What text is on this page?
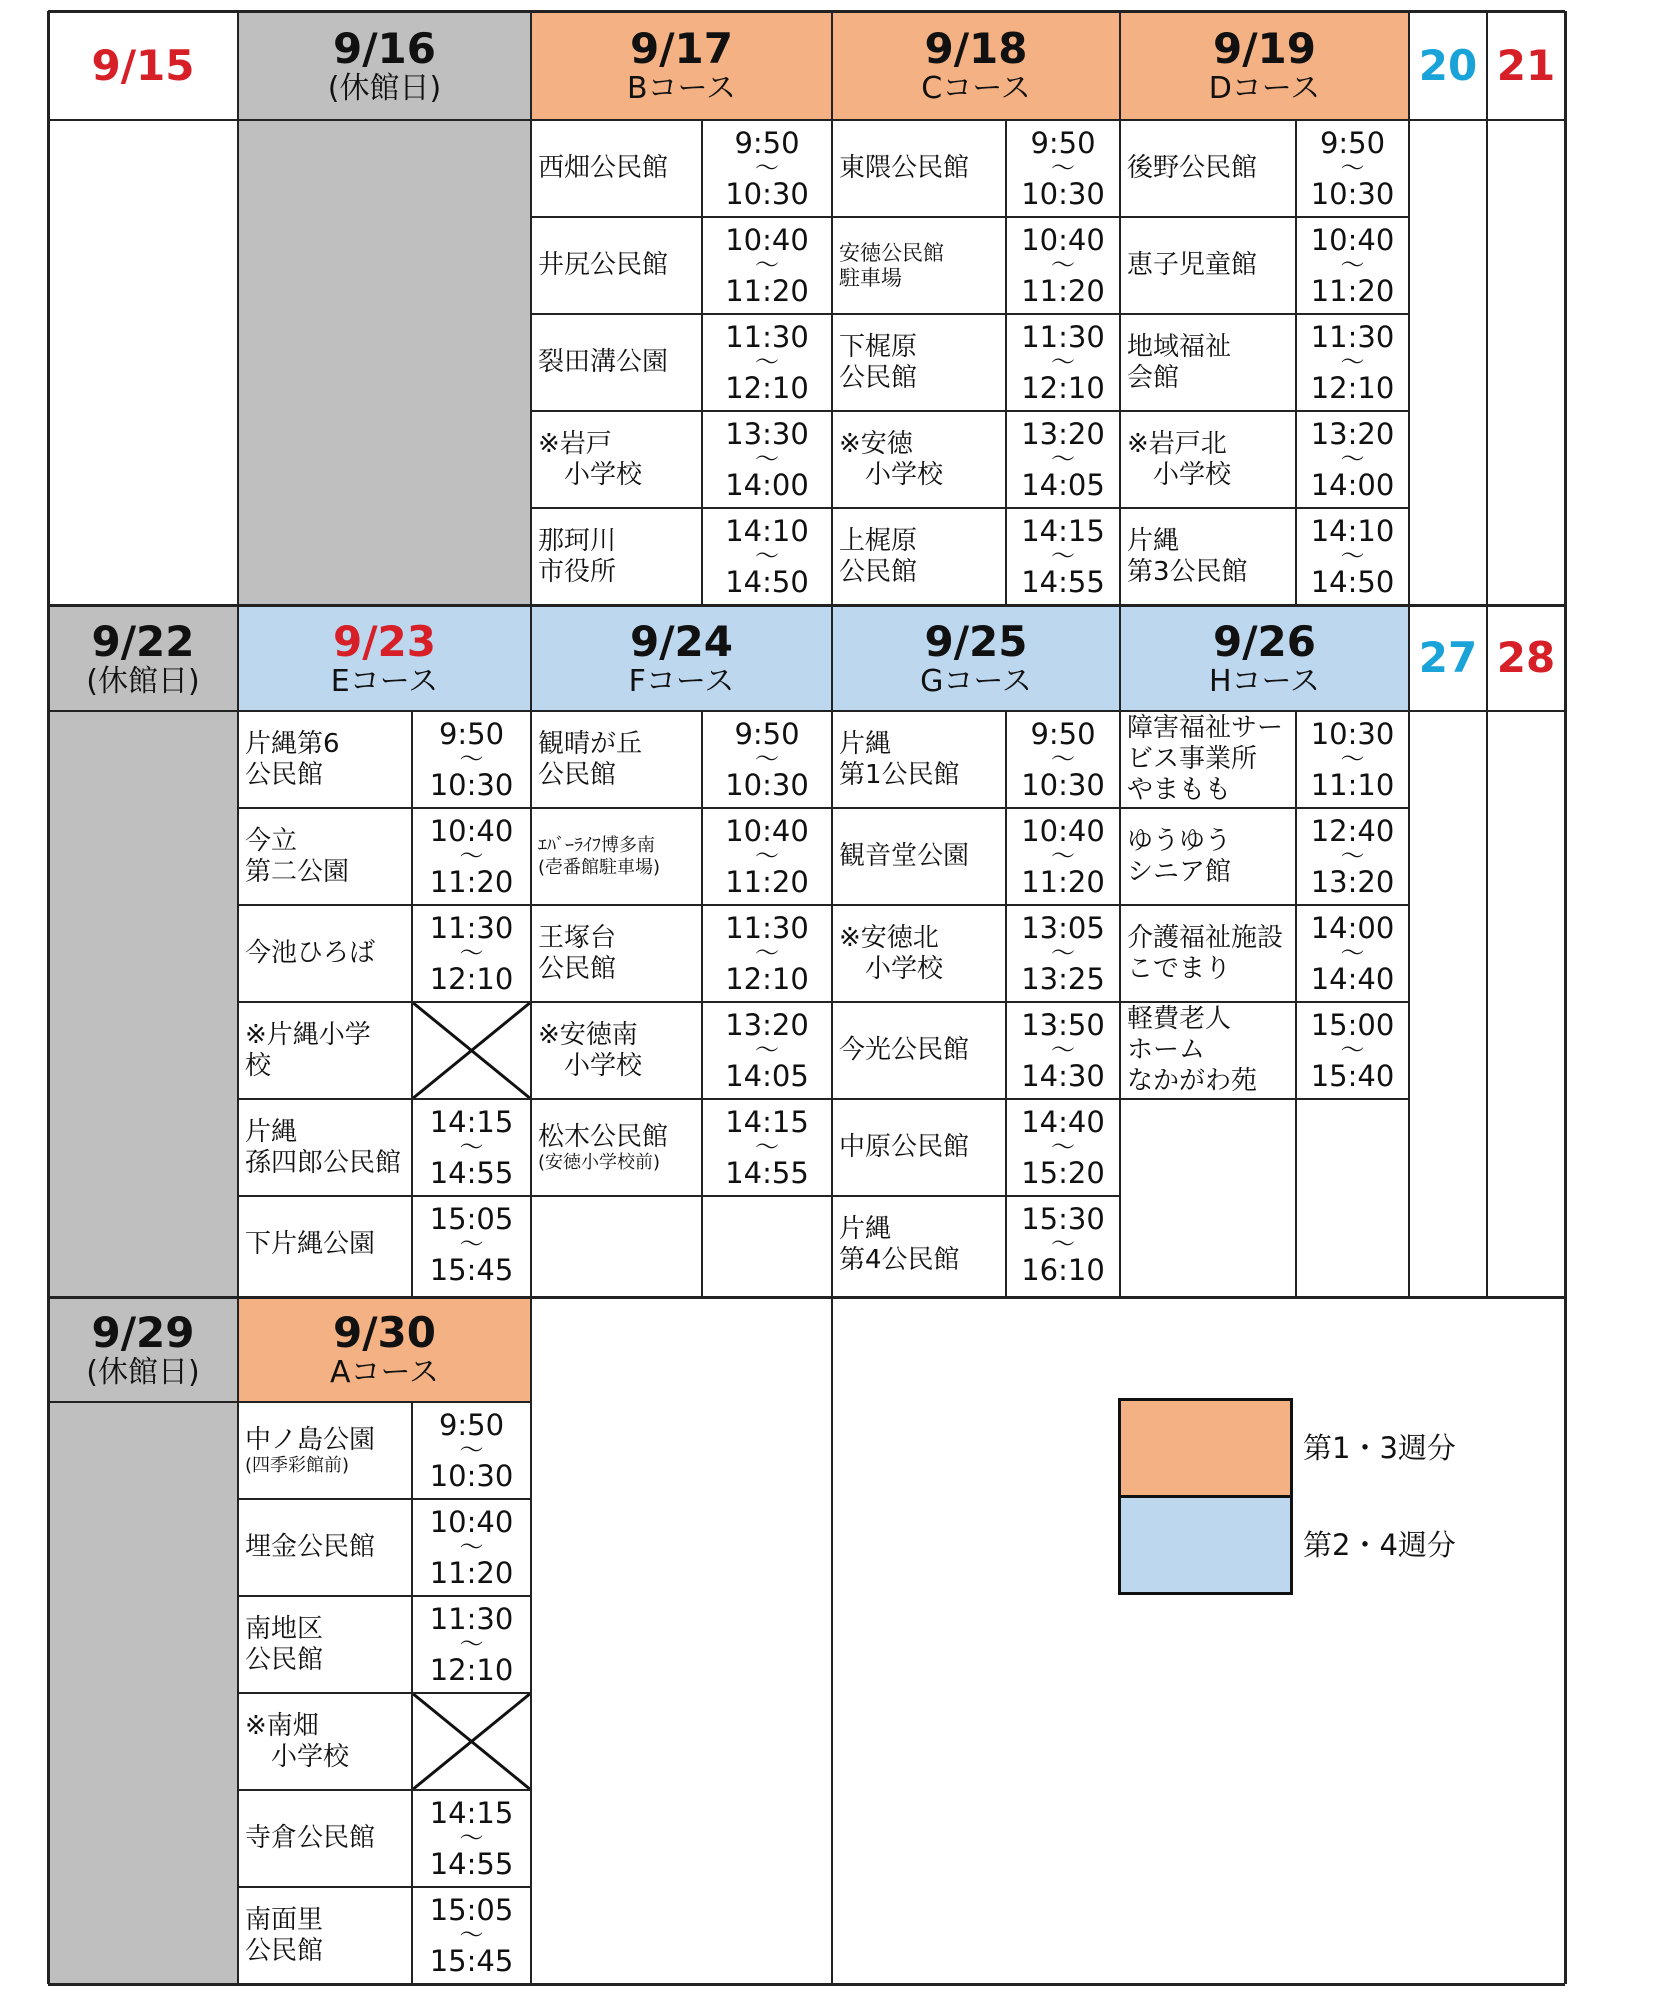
9/15	9/16
(休館日)
9/17
Bコース
9/18
Cコース
9/19
Dコース 20 21
西畑公民館
9:50
～
10:30
井尻公民館
10:40
～
11:20
裂田溝公園
11:30
～
12:10
※岩戸
　小学校
13:30
～
14:00
那珂川
市役所
14:10
～
14:50
東隈公民館
9:50
～
10:30
安徳公民館
駐車場
10:40
～
11:20
下梶原
公民館
11:30
～
12:10
※安徳
　小学校
13:20
～
14:05
上梶原
公民館
14:15
～
14:55
後野公民館
9:50
～
10:30
恵子児童館
10:40
～
11:20
地域福祉
会館
11:30
～
12:10
※岩戸北
　小学校
13:20
～
14:00
片縄
第3公民館
14:10
～
14:50
9/22
(休館日)
9/23
Eコース
9/24
Fコース
9/25
Gコース
9/26
Hコース 27 28
片縄第6
公民館
9:50
～
10:30
今立
第二公園
10:40
～
11:20
今池ひろば
11:30
～
12:10
※片縄小学
校
片縄
孫四郎公民館
14:15
～
14:55
下片縄公園
15:05
～
15:45
観晴が丘
公民館
9:50
～
10:30
ｴﾊﾞｰﾗｲﾌ博多南
(壱番館駐車場)
10:40
～
11:20
王塚台
公民館
11:30
～
12:10
※安徳南
　小学校
13:20
～
14:05
松木公民館
(安徳小学校前)
14:15
～
14:55
片縄
第1公民館
9:50
～
10:30
観音堂公園
10:40
～
11:20
※安徳北
　小学校
13:05
～
13:25
今光公民館
13:50
～
14:30
中原公民館
14:40
～
15:20
片縄
第4公民館
15:30
～
16:10
障害福祉サー
ビス事業所
やまもも
10:30
～
11:10
ゆうゆう
シニア館
12:40
～
13:20
介護福祉施設
こでまり
14:00
～
14:40
軽費老人
ホーム
なかがわ苑
15:00
～
15:40
9/29
(休館日)
9/30
Aコース
中ノ島公園
(四季彩館前)
9:50
～
10:30
埋金公民館
10:40
～
11:20
南地区
公民館
11:30
～
12:10
※南畑
　小学校
寺倉公民館
14:15
～
14:55
南面里
公民館
15:05
～
15:45
第1・3週分
第2・4週分
